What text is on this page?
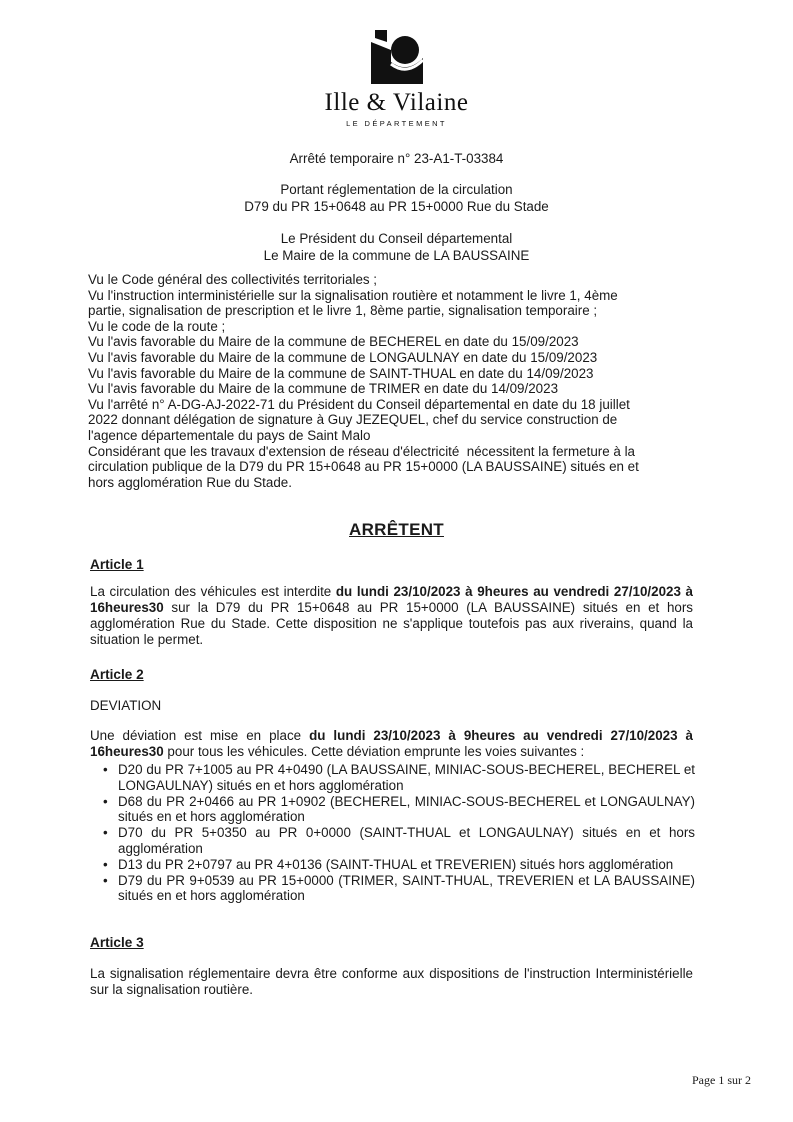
Ille & Vilaine
LE DÉPARTEMENT
Arrêté temporaire n° 23-A1-T-03384
Portant réglementation de la circulation
D79 du PR 15+0648 au PR 15+0000 Rue du Stade
Le Président du Conseil départemental
Le Maire de la commune de LA BAUSSAINE
Vu le Code général des collectivités territoriales ;
Vu l'instruction interministérielle sur la signalisation routière et notamment le livre 1, 4ème
partie, signalisation de prescription et le livre 1, 8ème partie, signalisation temporaire ;
Vu le code de la route ;
Vu l'avis favorable du Maire de la commune de BECHEREL en date du 15/09/2023
Vu l'avis favorable du Maire de la commune de LONGAULNAY en date du 15/09/2023
Vu l'avis favorable du Maire de la commune de SAINT-THUAL en date du 14/09/2023
Vu l'avis favorable du Maire de la commune de TRIMER en date du 14/09/2023
Vu l'arrêté n° A-DG-AJ-2022-71 du Président du Conseil départemental en date du 18 juillet
2022 donnant délégation de signature à Guy JEZEQUEL, chef du service construction de
l'agence départementale du pays de Saint Malo
Considérant que les travaux d'extension de réseau d'électricité  nécessitent la fermeture à la
circulation publique de la D79 du PR 15+0648 au PR 15+0000 (LA BAUSSAINE) situés en et
hors agglomération Rue du Stade.
ARRÊTENT
Article 1
La circulation des véhicules est interdite du lundi 23/10/2023 à 9heures au vendredi 27/10/2023 à 16heures30 sur la D79 du PR 15+0648 au PR 15+0000 (LA BAUSSAINE) situés en et hors agglomération Rue du Stade. Cette disposition ne s'applique toutefois pas aux riverains, quand la situation le permet.
Article 2
DEVIATION
Une déviation est mise en place du lundi 23/10/2023 à 9heures au vendredi 27/10/2023 à 16heures30 pour tous les véhicules. Cette déviation emprunte les voies suivantes :
• D20 du PR 7+1005 au PR 4+0490 (LA BAUSSAINE, MINIAC-SOUS-BECHEREL, BECHEREL et LONGAULNAY) situés en et hors agglomération
• D68 du PR 2+0466 au PR 1+0902 (BECHEREL, MINIAC-SOUS-BECHEREL et LONGAULNAY) situés en et hors agglomération
• D70 du PR 5+0350 au PR 0+0000 (SAINT-THUAL et LONGAULNAY) situés en et hors agglomération
• D13 du PR 2+0797 au PR 4+0136 (SAINT-THUAL et TREVERIEN) situés hors agglomération
• D79 du PR 9+0539 au PR 15+0000 (TRIMER, SAINT-THUAL, TREVERIEN et LA BAUSSAINE) situés en et hors agglomération
Article 3
La signalisation réglementaire devra être conforme aux dispositions de l'instruction Interministérielle sur la signalisation routière.
Page 1 sur 2
